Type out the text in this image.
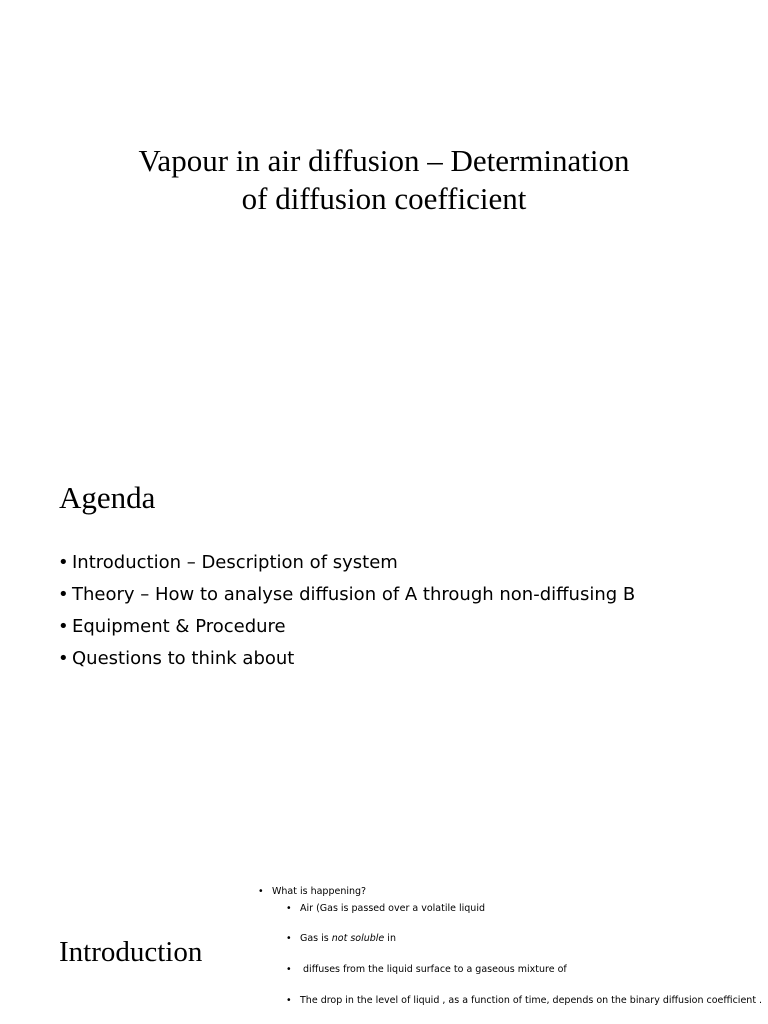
Vapour in air diffusion – Determination
of diffusion coefficient
Agenda
• Introduction – Description of system
• Theory – How to analyse diffusion of A through non-diffusing B
• Equipment & Procedure
• Questions to think about
Introduction
• What is happening?
• Air (Gas is passed over a volatile liquid
• Gas is not soluble in
• diffuses from the liquid surface to a gaseous mixture of
• The drop in the level of liquid , as a function of time, depends on the binary diffusion coefficient .
